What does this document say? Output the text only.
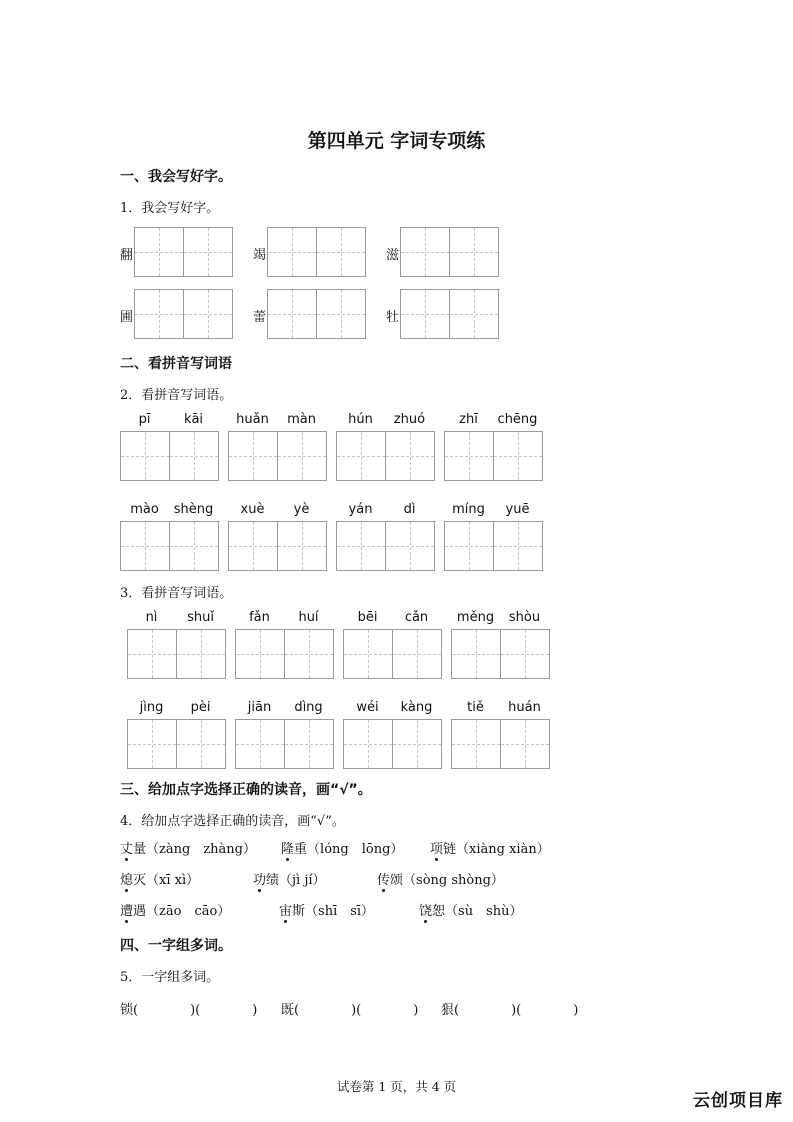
第四单元 字词专项练
一、我会写好字。
1．我会写好字。
翻	竭	滋
圃	蕾	牡
二、看拼音写词语
2．看拼音写词语。
pī	kāi	huǎn	màn	hún	zhuó	zhī	chēng
mào	shèng	xuè	yè	yán	dì	míng	yuē
3．看拼音写词语。
nì	shuǐ	fǎn	huí	bēi	cǎn	měng	shòu
jìng	pèi	jiān	dìng	wéi	kàng	tiě	huán
三、给加点字选择正确的读音，画“√”。
4．给加点字选择正确的读音，画“√”。
丈量（zàng　zhàng） 隆重（lóng　lōng） 项链（xiàng xiàn）
熄灭（xī xì）	功绩（jì jí）	传颂（sòng shòng）
遭遇（zāo　cāo）	宙斯（shī　sī）	饶恕（sù　shù）
四、一字组多词。
5．一字组多词。
锁(　　　　)(　　　　) 既(　　　　)(　　　　) 狠(　　　　)(　　　　)
试卷第 1 页，共 4 页
云创项目库
